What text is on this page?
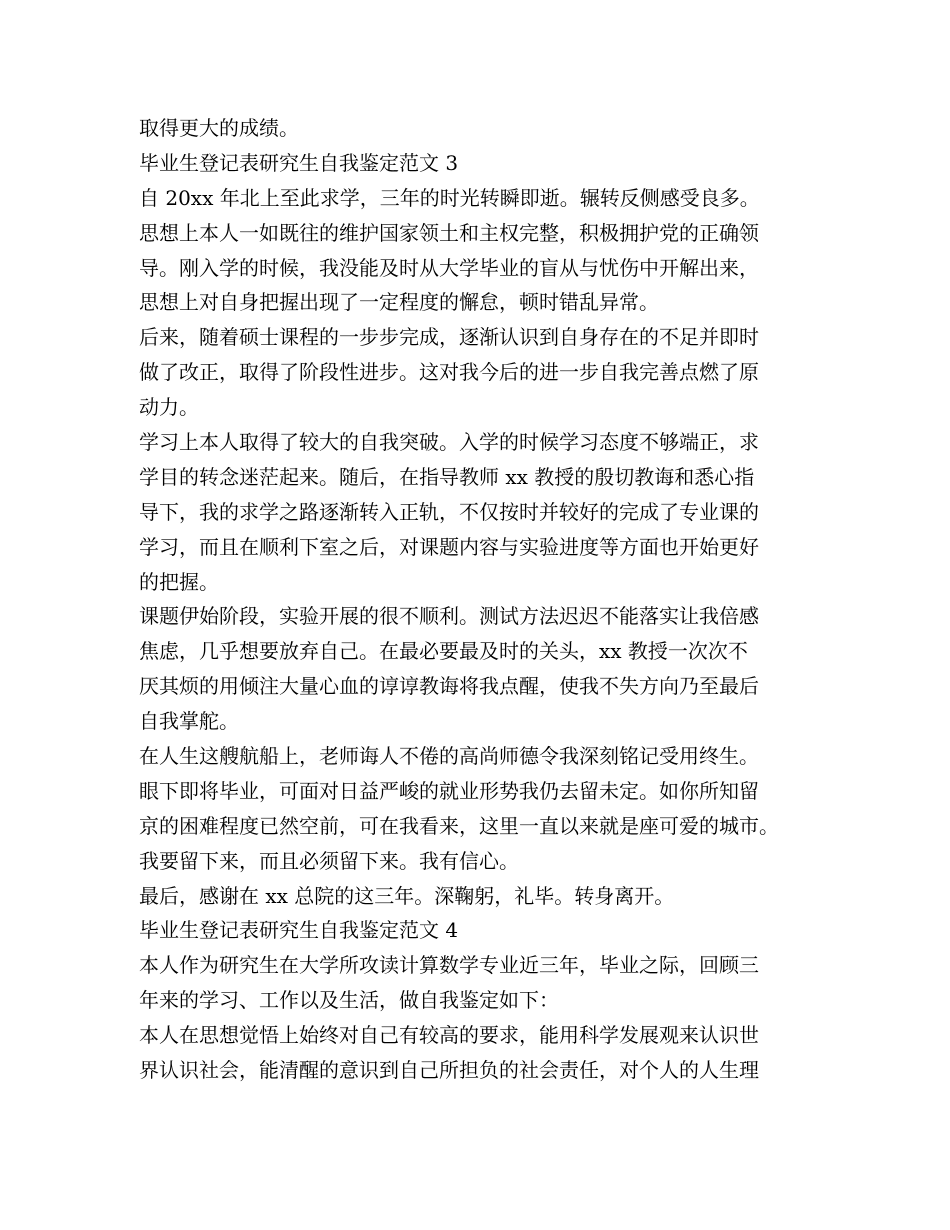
取得更大的成绩。
毕业生登记表研究生自我鉴定范文 3
自 20xx 年北上至此求学，三年的时光转瞬即逝。辗转反侧感受良多。
思想上本人一如既往的维护国家领土和主权完整，积极拥护党的正确领
导。刚入学的时候，我没能及时从大学毕业的盲从与忧伤中开解出来，
思想上对自身把握出现了一定程度的懈怠，顿时错乱异常。
后来，随着硕士课程的一步步完成，逐渐认识到自身存在的不足并即时
做了改正，取得了阶段性进步。这对我今后的进一步自我完善点燃了原
动力。
学习上本人取得了较大的自我突破。入学的时候学习态度不够端正，求
学目的转念迷茫起来。随后，在指导教师 xx 教授的殷切教诲和悉心指
导下，我的求学之路逐渐转入正轨，不仅按时并较好的完成了专业课的
学习，而且在顺利下室之后，对课题内容与实验进度等方面也开始更好
的把握。
课题伊始阶段，实验开展的很不顺利。测试方法迟迟不能落实让我倍感
焦虑，几乎想要放弃自己。在最必要最及时的关头，xx 教授一次次不
厌其烦的用倾注大量心血的谆谆教诲将我点醒，使我不失方向乃至最后
自我掌舵。
在人生这艘航船上，老师诲人不倦的高尚师德令我深刻铭记受用终生。
眼下即将毕业，可面对日益严峻的就业形势我仍去留未定。如你所知留
京的困难程度已然空前，可在我看来，这里一直以来就是座可爱的城市。
我要留下来，而且必须留下来。我有信心。
最后，感谢在 xx 总院的这三年。深鞠躬，礼毕。转身离开。
毕业生登记表研究生自我鉴定范文 4
本人作为研究生在大学所攻读计算数学专业近三年，毕业之际，回顾三
年来的学习、工作以及生活，做自我鉴定如下：
本人在思想觉悟上始终对自己有较高的要求，能用科学发展观来认识世
界认识社会，能清醒的意识到自己所担负的社会责任，对个人的人生理
